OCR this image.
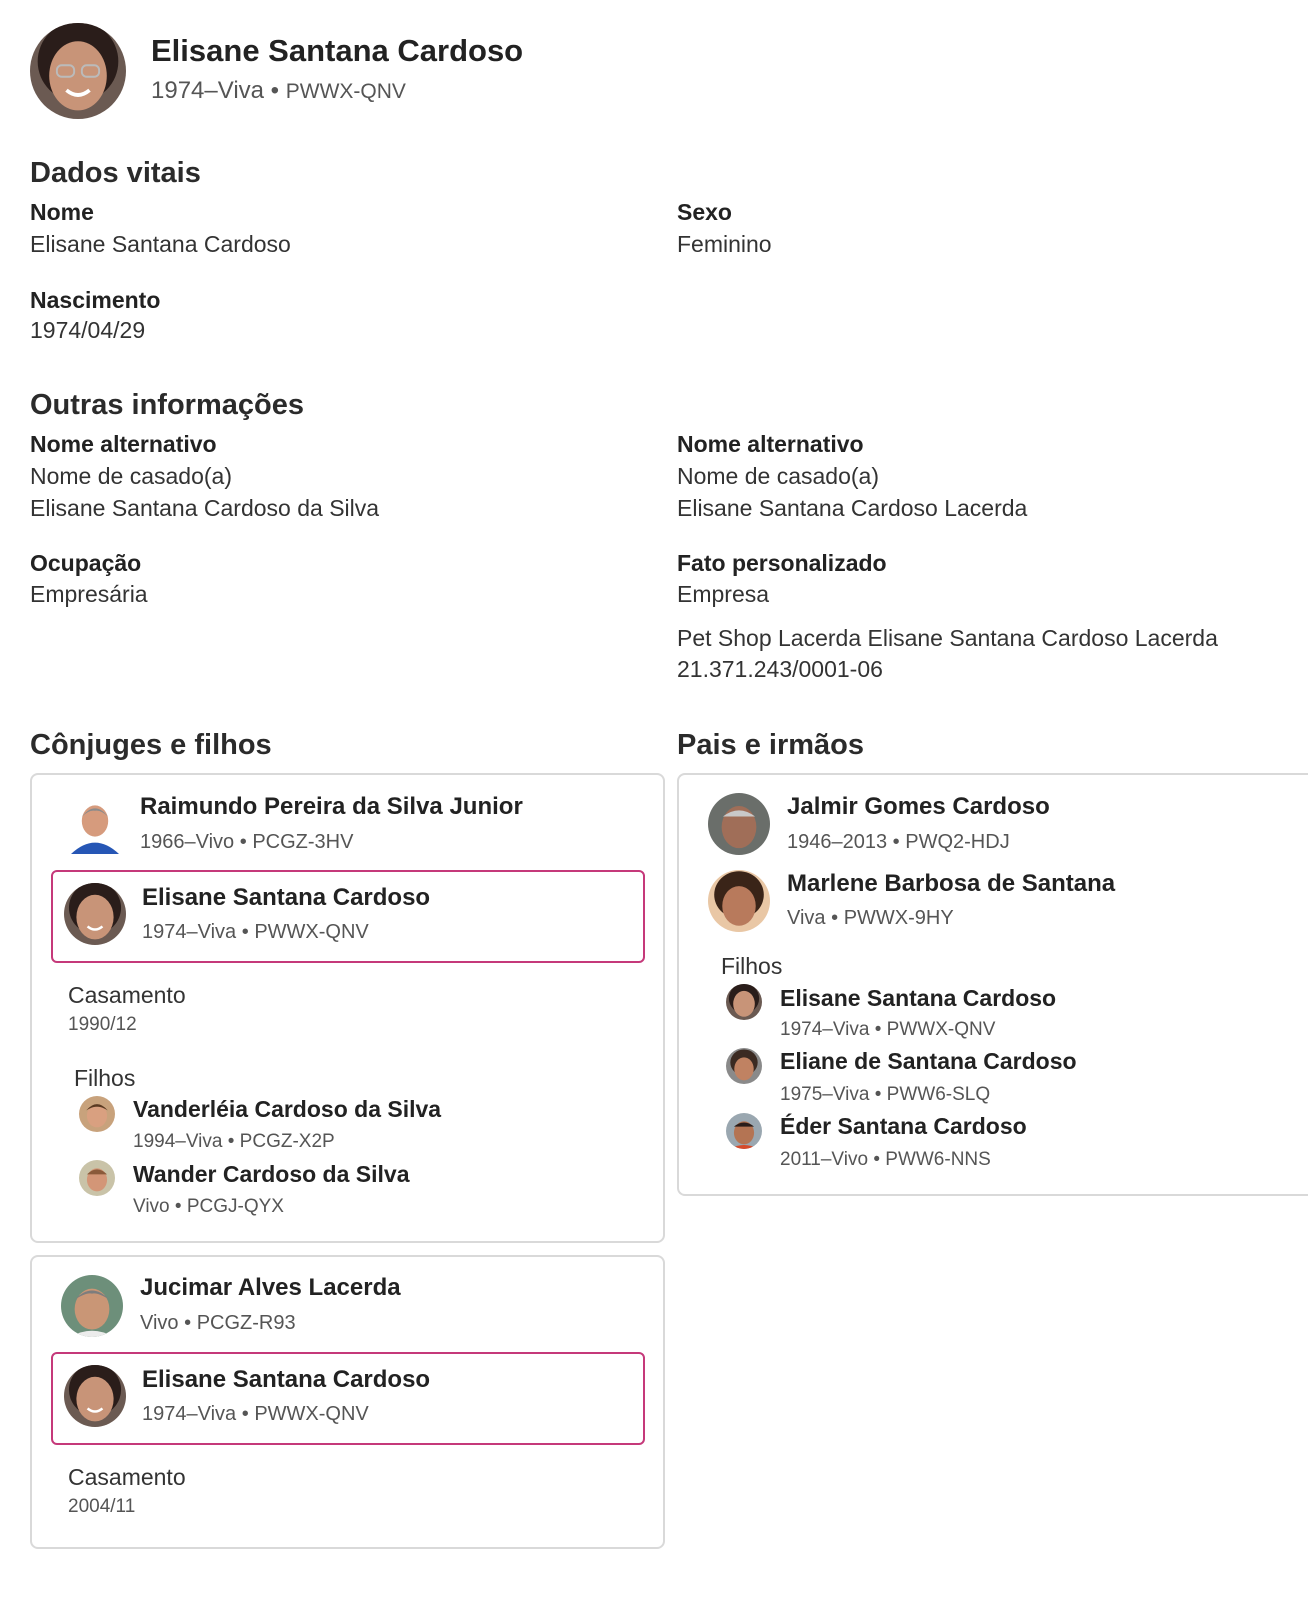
Elisane Santana Cardoso
1974–Viva • PWWX-QNV
Dados vitais
Nome
Elisane Santana Cardoso
Sexo
Feminino
Nascimento
1974/04/29
Outras informações
Nome alternativo
Nome de casado(a)
Elisane Santana Cardoso da Silva
Nome alternativo
Nome de casado(a)
Elisane Santana Cardoso Lacerda
Ocupação
Empresária
Fato personalizado
Empresa
Pet Shop Lacerda Elisane Santana Cardoso Lacerda
21.371.243/0001-06
Cônjuges e filhos
Raimundo Pereira da Silva Junior
1966–Vivo • PCGZ-3HV
Elisane Santana Cardoso
1974–Viva • PWWX-QNV
Casamento
1990/12
Filhos
Vanderléia Cardoso da Silva
1994–Viva • PCGZ-X2P
Wander Cardoso da Silva
Vivo • PCGJ-QYX
Jucimar Alves Lacerda
Vivo • PCGZ-R93
Elisane Santana Cardoso
1974–Viva • PWWX-QNV
Casamento
2004/11
Pais e irmãos
Jalmir Gomes Cardoso
1946–2013 • PWQ2-HDJ
Marlene Barbosa de Santana
Viva • PWWX-9HY
Filhos
Elisane Santana Cardoso
1974–Viva • PWWX-QNV
Eliane de Santana Cardoso
1975–Viva • PWW6-SLQ
Éder Santana Cardoso
2011–Vivo • PWW6-NNS
